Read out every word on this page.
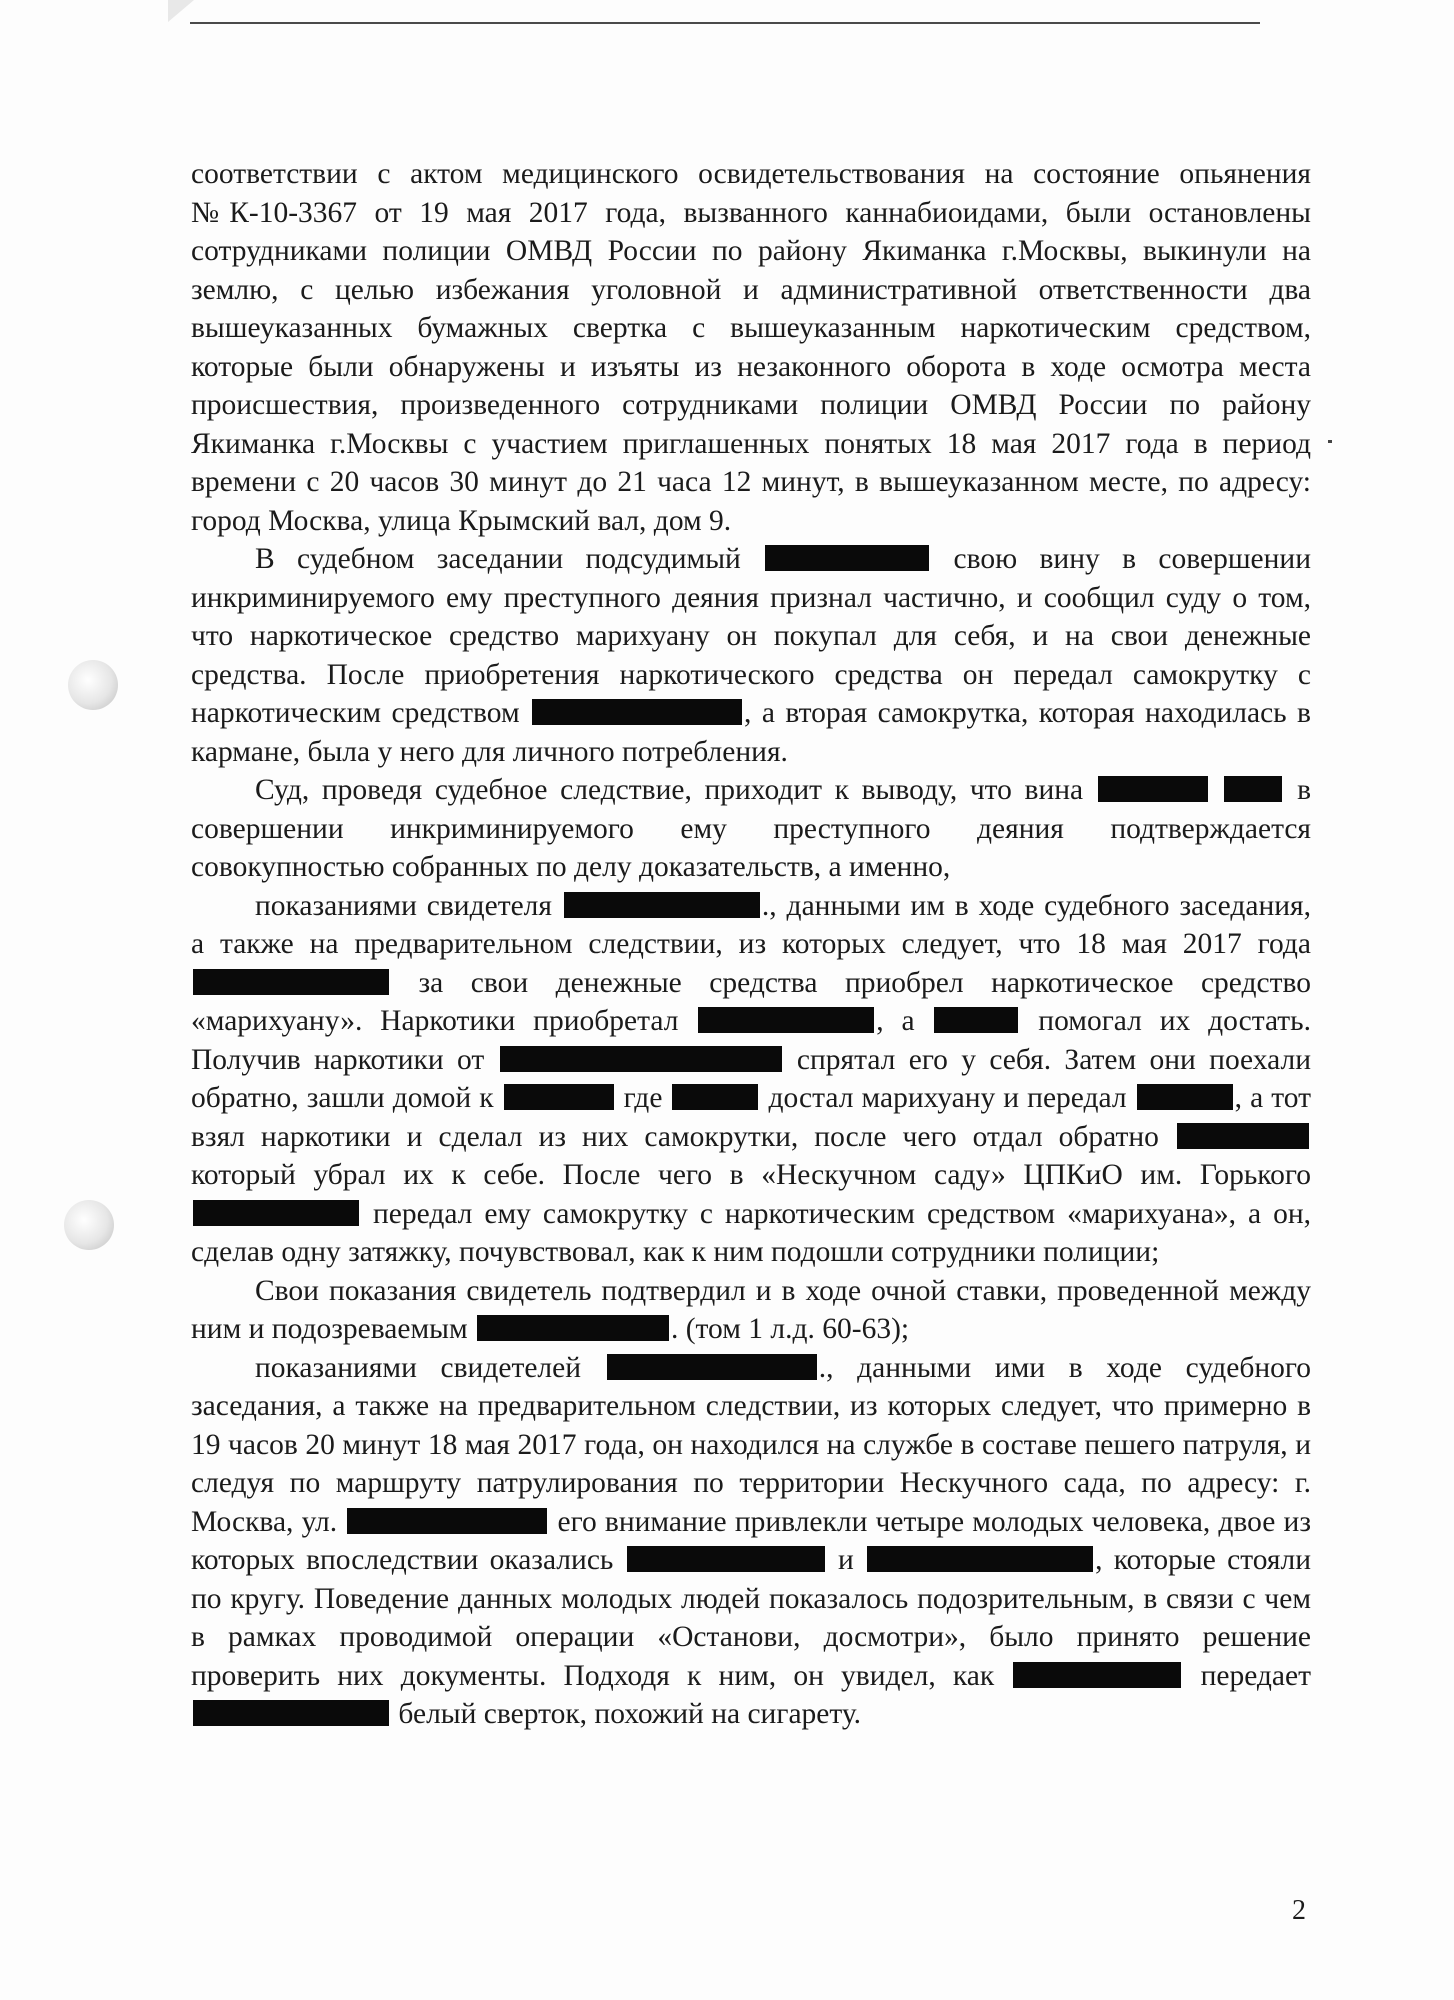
соответствии с актом медицинского освидетельствования на состояние опьянения №К-10-3367 от 19 мая 2017 года, вызванного каннабиоидами, были остановлены сотрудниками полиции ОМВД России по району Якиманка г.Москвы, выкинули на землю, с целью избежания уголовной и административной ответственности два вышеуказанных бумажных свертка с вышеуказанным наркотическим средством, которые были обнаружены и изъяты из незаконного оборота в ходе осмотра места происшествия, произведенного сотрудниками полиции ОМВД России по району Якиманка г.Москвы с участием приглашенных понятых 18 мая 2017 года в период времени с 20 часов 30 минут до 21 часа 12 минут, в вышеуказанном месте, по адресу: город Москва, улица Крымский вал, дом 9.

В судебном заседании подсудимый	свою вину в совершении инкриминируемого ему преступного деяния признал частично, и сообщил суду о том, что наркотическое средство марихуану он покупал для себя, и на свои денежные средства. После приобретения наркотического средства он передал самокрутку с наркотическим средством	, а вторая самокрутка, которая находилась в кармане, была у него для личного потребления.

Суд, проведя судебное следствие, приходит к выводу, что вина	в совершении инкриминируемого ему преступного деяния подтверждается совокупностью собранных по делу доказательств, а именно,

показаниями свидетеля	., данными им в ходе судебного заседания, а также на предварительном следствии, из которых следует, что 18 мая 2017 года  за свои денежные средства приобрел наркотическое средство «марихуану». Наркотики приобретал	, а	помогал их достать. Получив наркотики от	спрятал его у себя. Затем они поехали обратно, зашли домой к	где	достал марихуану и передал	, а тот взял наркотики и сделал из них самокрутки, после чего отдал обратно  который убрал их к себе. После чего в «Нескучном саду» ЦПКиО им. Горького  передал ему самокрутку с наркотическим средством «марихуана», а он, сделав одну затяжку, почувствовал, как к ним подошли сотрудники полиции;

Свои показания свидетель подтвердил и в ходе очной ставки, проведенной между ним и подозреваемым	. (том 1 л.д. 60-63);

показаниями свидетелей	., данными ими в ходе судебного заседания, а также на предварительном следствии, из которых следует, что примерно в 19 часов 20 минут 18 мая 2017 года, он находился на службе в составе пешего патруля, и следуя по маршруту патрулирования по территории Нескучного сада, по адресу: г. Москва, ул.	его внимание привлекли четыре молодых человека, двое из которых впоследствии оказались	и	, которые стояли по кругу. Поведение данных молодых людей показалось подозрительным, в связи с чем в рамках проводимой операции «Останови, досмотри», было принято решение проверить них документы. Подходя к ним, он увидел, как	передает  белый сверток, похожий на сигарету.

2
